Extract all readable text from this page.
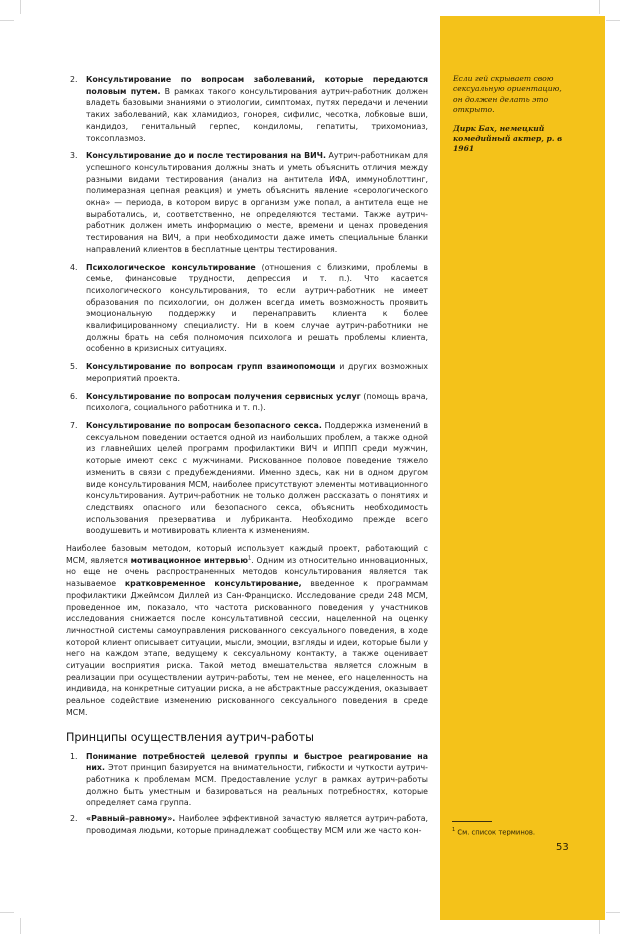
Если гей скрывает свою сексуальную ориентацию, он должен делать это открыто.

Дирк Бах, немецкий комедийный актер, р. в 1961

$^1$ См. список терминов.
53
2. Консультирование по вопросам заболеваний, которые передаются половым путем. В рамках такого консультирования аутрич-работник должен владеть базовыми знаниями о этиологии, симптомах, путях передачи и лечении таких заболеваний, как хламидиоз, гонорея, сифилис, чесотка, лобковые вши, кандидоз, генитальный герпес, кондиломы, гепатиты, трихомониаз, токсоплазмоз.

3. Консультирование до и после тестирования на ВИЧ. Аутрич-работникам для успешного консультирования должны знать и уметь объяснить отличия между разными видами тестирования (анализ на антитела ИФА, иммуноблоттинг, полимеразная цепная реакция) и уметь объяснить явление «серологического окна» — периода, в котором вирус в организм уже попал, а антитела еще не выработались, и, соответственно, не определяются тестами. Также аутрич-работник должен иметь информацию о месте, времени и ценах проведения тестирования на ВИЧ, а при необходимости даже иметь специальные бланки направлений клиентов в бесплатные центры тестирования.

4. Психологическое консультирование (отношения с близкими, проблемы в семье, финансовые трудности, депрессия и т. п.). Что касается психологического консультирования, то если аутрич-работник не имеет образования по психологии, он должен всегда иметь возможность проявить эмоциональную поддержку и перенаправить клиента к более квалифицированному специалисту. Ни в коем случае аутрич-работники не должны брать на себя полномочия психолога и решать проблемы клиента, особенно в кризисных ситуациях.

5. Консультирование по вопросам групп взаимопомощи и других возможных мероприятий проекта.

6. Консультирование по вопросам получения сервисных услуг (помощь врача, психолога, социального работника и т. п.).

7. Консультирование по вопросам безопасного секса. Поддержка изменений в сексуальном поведении остается одной из наибольших проблем, а также одной из главнейших целей программ профилактики ВИЧ и ИППП среди мужчин, которые имеют секс с мужчинами. Рискованное половое поведение тяжело изменить в связи с предубеждениями. Именно здесь, как ни в одном другом виде консультирования МСМ, наиболее присутствуют элементы мотивационного консультирования. Аутрич-работник не только должен рассказать о понятиях и следствиях опасного или безопасного секса, объяснить необходимость использования презерватива и лубриканта. Необходимо прежде всего воодушевить и мотивировать клиента к изменениям.

Наиболее базовым методом, который использует каждый проект, работающий с МСМ, является мотивационное интервью$^1$. Одним из относительно инновационных, но еще не очень распространенных методов консультирования является так называемое кратковременное консультирование, введенное к программам профилактики Джеймсом Диллей из Сан-Франциско. Исследование среди 248 МСМ, проведенное им, показало, что частота рискованного поведения у участников исследования снижается после консультативной сессии, нацеленной на оценку личностной системы самоуправления рискованного сексуального поведения, в ходе которой клиент описывает ситуации, мысли, эмоции, взгляды и идеи, которые были у него на каждом этапе, ведущему к сексуальному контакту, а также оценивает ситуации восприятия риска. Такой метод вмешательства является сложным в реализации при осуществлении аутрич-работы, тем не менее, его нацеленность на индивида, на конкретные ситуации риска, а не абстрактные рассуждения, оказывает реальное содействие изменению рискованного сексуального поведения в среде МСМ.

Принципы осуществления аутрич-работы
1. Понимание потребностей целевой группы и быстрое реагирование на них. Этот принцип базируется на внимательности, гибкости и чуткости аутрич-работника к проблемам МСМ. Предоставление услуг в рамках аутрич-работы должно быть уместным и базироваться на реальных потребностях, которые определяет сама группа.

2. «Равный–равному». Наиболее эффективной зачастую является аутрич-работа, проводимая людьми, которые принадлежат сообществу МСМ или же часто кон-
